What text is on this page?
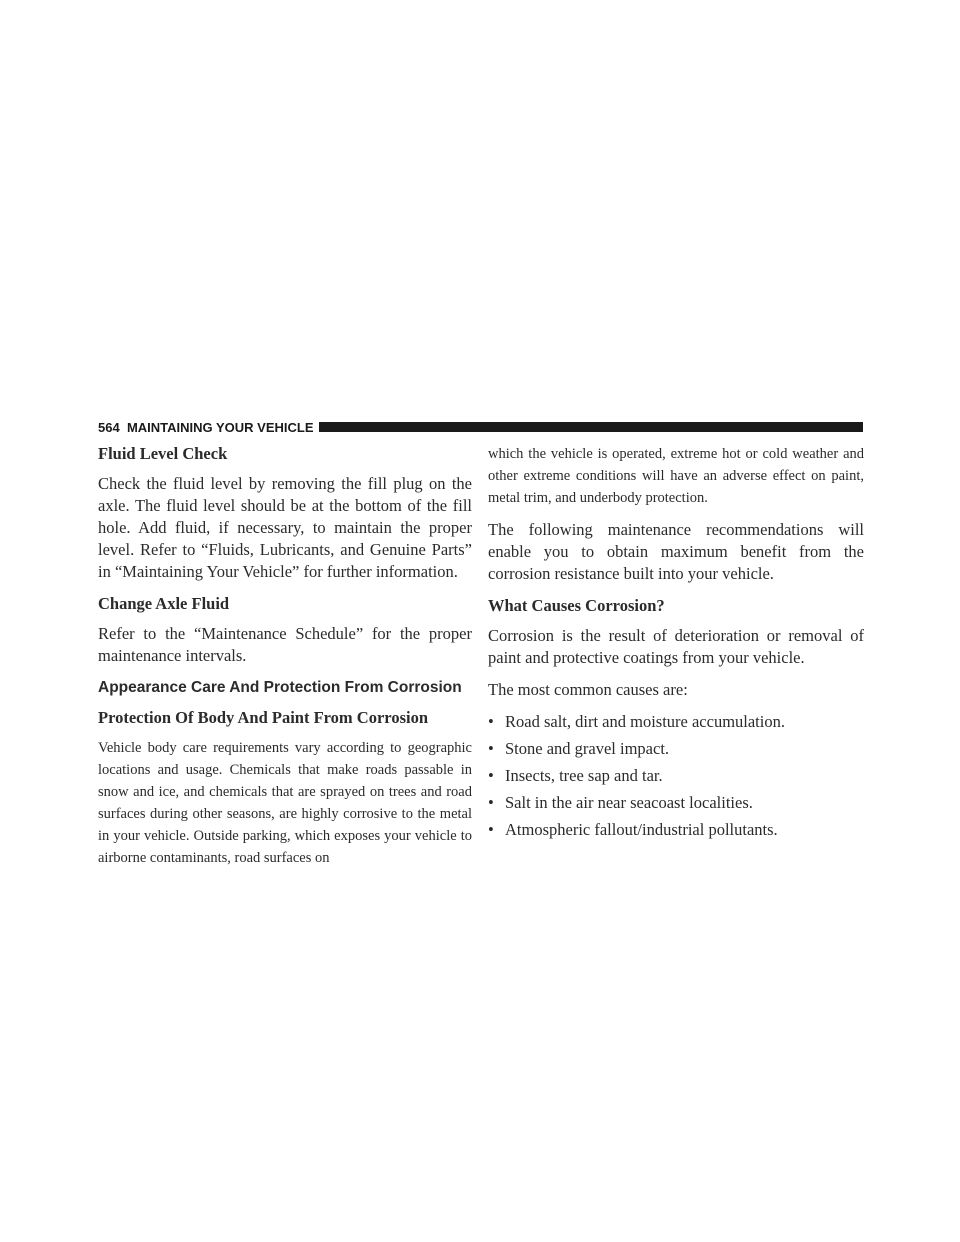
564 MAINTAINING YOUR VEHICLE
Fluid Level Check

Check the fluid level by removing the fill plug on the axle. The fluid level should be at the bottom of the fill hole. Add fluid, if necessary, to maintain the proper level. Refer to “Fluids, Lubricants, and Genuine Parts” in “Maintaining Your Vehicle” for further information.

Change Axle Fluid

Refer to the “Maintenance Schedule” for the proper maintenance intervals.

Appearance Care And Protection From Corrosion
Protection Of Body And Paint From Corrosion

Vehicle body care requirements vary according to geographic locations and usage. Chemicals that make roads passable in snow and ice, and chemicals that are sprayed on trees and road surfaces during other seasons, are highly corrosive to the metal in your vehicle. Outside parking, which exposes your vehicle to airborne contaminants, road surfaces on

which the vehicle is operated, extreme hot or cold weather and other extreme conditions will have an adverse effect on paint, metal trim, and underbody protection.

The following maintenance recommendations will enable you to obtain maximum benefit from the corrosion resistance built into your vehicle.

What Causes Corrosion?

Corrosion is the result of deterioration or removal of paint and protective coatings from your vehicle.

The most common causes are:

• Road salt, dirt and moisture accumulation.
• Stone and gravel impact.
• Insects, tree sap and tar.
• Salt in the air near seacoast localities.
• Atmospheric fallout/industrial pollutants.
